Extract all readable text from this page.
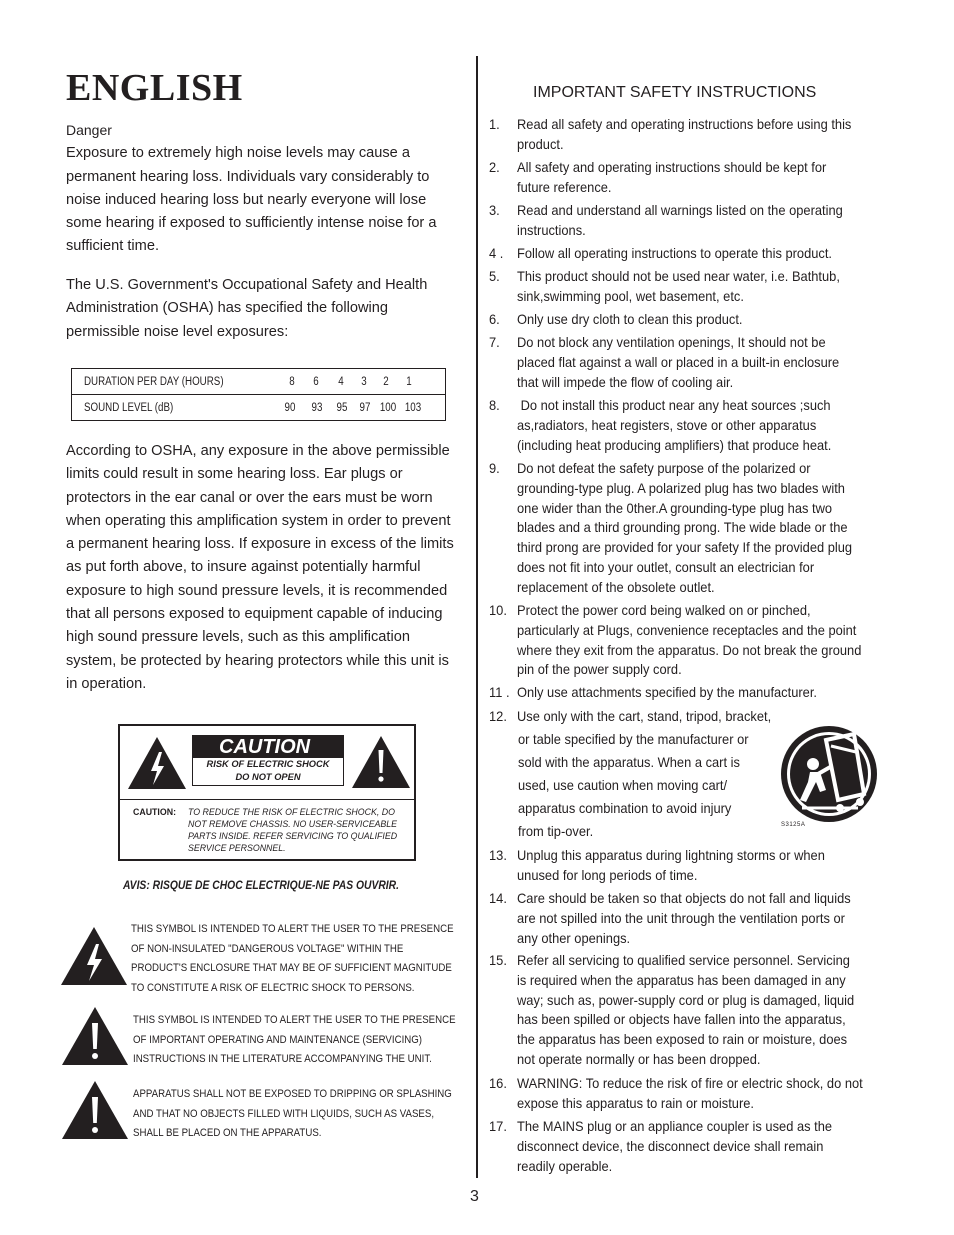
ENGLISH
Danger
Exposure to extremely high noise levels may cause a
permanent hearing loss. Individuals vary considerably to
noise induced hearing loss but nearly everyone will lose
some hearing if exposed to sufficiently intense noise for a
sufficient time.
The U.S. Government's Occupational Safety and Health
Administration (OSHA) has specified the following
permissible noise level exposures:
DURATION PER DAY (HOURS)	8	6	4	3	2	1
SOUND LEVEL (dB)	90	93	95	97 100 103
According to OSHA, any exposure in the above permissible
limits could result in some hearing loss. Ear plugs or
protectors in the ear canal or over the ears must be worn
when operating this amplification system in order to prevent
a permanent hearing loss. If exposure in excess of the limits
as put forth above, to insure against potentially harmful
exposure to high sound pressure levels, it is recommended
that all persons exposed to equipment capable of inducing
high sound pressure levels, such as this amplification
system, be protected by hearing protectors while this unit is
in operation.
CAUTION
RISK OF ELECTRIC SHOCK
DO NOT OPEN
CAUTION: TO REDUCE THE RISK OF ELECTRIC SHOCK, DO
NOT REMOVE CHASSIS. NO USER-SERVICEABLE
PARTS INSIDE. REFER SERVICING TO QUALIFIED
SERVICE PERSONNEL.
AVIS: RISQUE DE CHOC ELECTRIQUE-NE PAS OUVRIR.
THIS SYMBOL IS INTENDED TO ALERT THE USER TO THE PRESENCE
OF NON-INSULATED "DANGEROUS VOLTAGE" WITHIN THE
PRODUCT'S ENCLOSURE THAT MAY BE OF SUFFICIENT MAGNITUDE
TO CONSTITUTE A RISK OF ELECTRIC SHOCK TO PERSONS.
THIS SYMBOL IS INTENDED TO ALERT THE USER TO THE PRESENCE
OF IMPORTANT OPERATING AND MAINTENANCE (SERVICING)
INSTRUCTIONS IN THE LITERATURE ACCOMPANYING THE UNIT.
APPARATUS SHALL NOT BE EXPOSED TO DRIPPING OR SPLASHING
AND THAT NO OBJECTS FILLED WITH LIQUIDS, SUCH AS VASES,
SHALL BE PLACED ON THE APPARATUS.
IMPORTANT SAFETY INSTRUCTIONS
1. Read all safety and operating instructions before using this
product.
2. All safety and operating instructions should be kept for
future reference.
3. Read and understand all warnings listed on the operating
instructions.
4 . Follow all operating instructions to operate this product.
5. This product should not be used near water, i.e. Bathtub,
sink,swimming pool, wet basement, etc.
6. Only use dry cloth to clean this product.
7. Do not block any ventilation openings, It should not be
placed flat against a wall or placed in a built-in enclosure
that will impede the flow of cooling air.
8. Do not install this product near any heat sources ;such
as,radiators, heat registers, stove or other apparatus
(including heat producing amplifiers) that produce heat.
9. Do not defeat the safety purpose of the polarized or
grounding-type plug. A polarized plug has two blades with
one wider than the 0ther.A grounding-type plug has two
blades and a third grounding prong. The wide blade or the
third prong are provided for your safety If the provided plug
does not fit into your outlet, consult an electrician for
replacement of the obsolete outlet.
10. Protect the power cord being walked on or pinched,
particularly at Plugs, convenience receptacles and the point
where they exit from the apparatus. Do not break the ground
pin of the power supply cord.
11 . Only use attachments specified by the manufacturer.
12. Use only with the cart, stand, tripod, bracket,
13. Unplug this apparatus during lightning storms or when
unused for long periods of time.
14. Care should be taken so that objects do not fall and liquids
are not spilled into the unit through the ventilation ports or
any other openings.
15. Refer all servicing to qualified service personnel. Servicing
is required when the apparatus has been damaged in any
way; such as, power-supply cord or plug is damaged, liquid
has been spilled or objects have fallen into the apparatus,
the apparatus has been exposed to rain or moisture, does
not operate normally or has been dropped.
16. WARNING: To reduce the risk of fire or electric shock, do not
expose this apparatus to rain or moisture.
17. The MAINS plug or an appliance coupler is used as the
disconnect device, the disconnect device shall remain
readily operable.
or table specified by the manufacturer or
sold with the apparatus. When a cart is
used, use caution when moving cart/
apparatus combination to avoid injury
from tip-over.	S3125A
3
